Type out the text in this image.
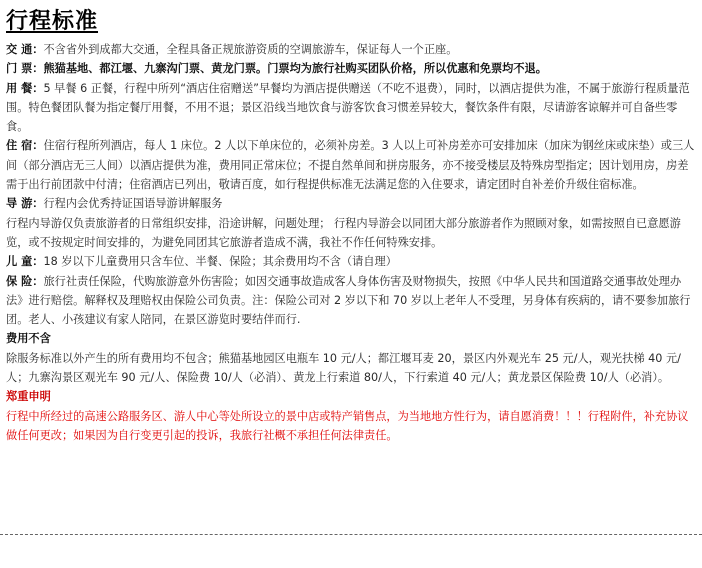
行程标准

交 通：不含省外到成都大交通，全程具备正规旅游资质的空调旅游车，保证每人一个正座。

门 票：熊猫基地、都江堰、九寨沟门票、黄龙门票。门票均为旅行社购买团队价格，所以优惠和免票均不退。

用 餐：5 早餐 6 正餐，行程中所列“酒店住宿赠送”早餐均为酒店提供赠送（不吃不退费），同时，以酒店提供为准，不属于旅游行程质量范围。特色餐团队餐为指定餐厅用餐，不用不退；景区沿线当地饮食与游客饮食习惯差异较大，餐饮条件有限，尽请游客谅解并可自备些零食。

住 宿：住宿行程所列酒店，每人 1 床位。2 人以下单床位的，必须补房差。3 人以上可补房差亦可安排加床（加床为钢丝床或床垫）或三人间（部分酒店无三人间）以酒店提供为准，费用同正常床位；不提自然单间和拼房服务，亦不接受楼层及特殊房型指定；因计划用房，房差需于出行前团款中付清；住宿酒店已列出，敬请百度，如行程提供标准无法满足您的入住要求，请定团时自补差价升级住宿标准。

导 游：行程内会优秀持证国语导游讲解服务

行程内导游仅负责旅游者的日常组织安排，沿途讲解，问题处理； 行程内导游会以同团大部分旅游者作为照顾对象，如需按照自已意愿游览，或不按规定时间安排的，为避免同团其它旅游者造成不满，我社不作任何特殊安排。

儿 童：18 岁以下儿童费用只含车位、半餐、保险；其余费用均不含（请自理）

保 险：旅行社责任保险，代购旅游意外伤害险；如因交通事故造成客人身体伤害及财物损失，按照《中华人民共和国道路交通事故处理办法》进行赔偿。解释权及理赔权由保险公司负责。注：保险公司对 2 岁以下和 70 岁以上老年人不受理，另身体有疾病的，请不要参加旅行团。老人、小孩建议有家人陪同，在景区游览时要结伴而行.

费用不含

除服务标准以外产生的所有费用均不包含；熊猫基地园区电瓶车 10 元/人；都江堰耳麦 20，景区内外观光车 25 元/人，观光扶梯 40 元/人；九寨沟景区观光车 90 元/人、保险费 10/人（必消）、黄龙上行索道 80/人，下行索道 40 元/人；黄龙景区保险费 10/人（必消）。

郑重申明

行程中所经过的高速公路服务区、游人中心等处所设立的景中店或特产销售点，为当地地方性行为，请自愿消费！！！行程附件，补充协议做任何更改；如果因为自行变更引起的投诉，我旅行社概不承担任何法律责任。
